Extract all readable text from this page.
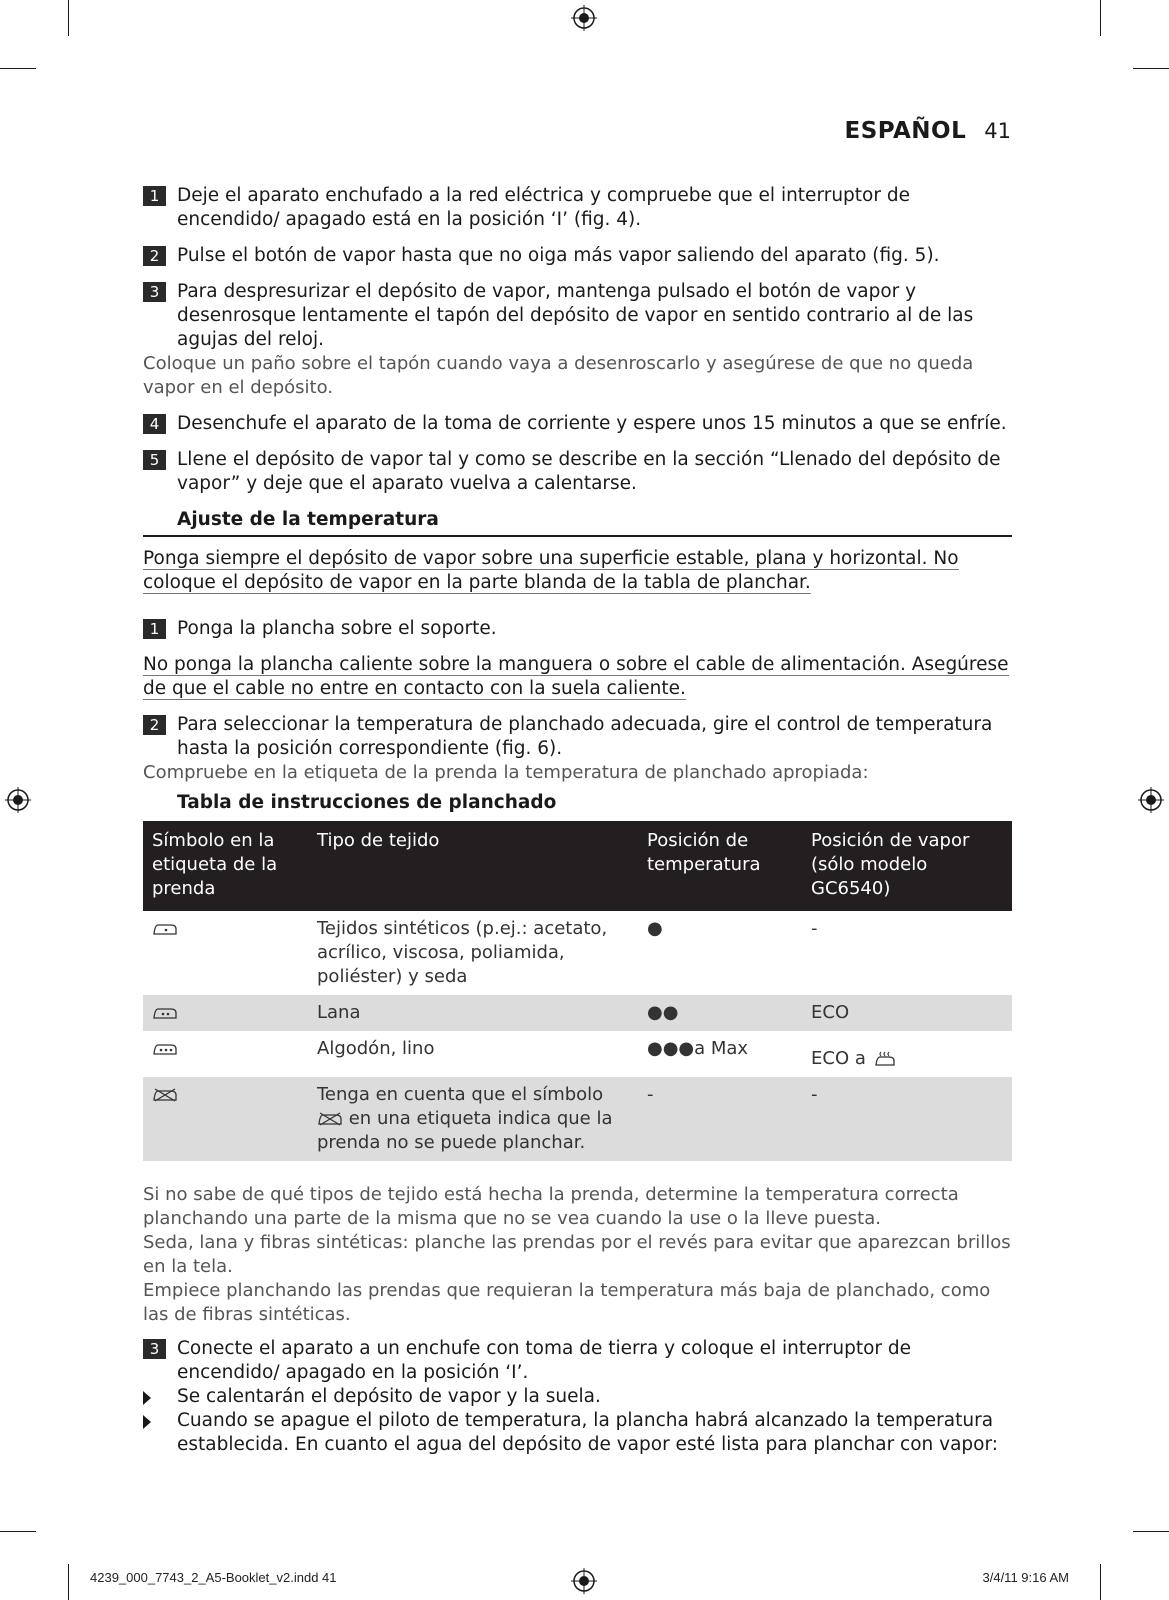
ESPAÑOL 41
1 Deje el aparato enchufado a la red eléctrica y compruebe que el interruptor de encendido/ apagado está en la posición ‘I’ (fig. 4).
2 Pulse el botón de vapor hasta que no oiga más vapor saliendo del aparato (fig. 5).
3 Para despresurizar el depósito de vapor, mantenga pulsado el botón de vapor y desenrosque lentamente el tapón del depósito de vapor en sentido contrario al de las agujas del reloj.
Coloque un paño sobre el tapón cuando vaya a desenroscarlo y asegúrese de que no queda vapor en el depósito.
4 Desenchufe el aparato de la toma de corriente y espere unos 15 minutos a que se enfríe.
5 Llene el depósito de vapor tal y como se describe en la sección “Llenado del depósito de vapor” y deje que el aparato vuelva a calentarse.
Ajuste de la temperatura
Ponga siempre el depósito de vapor sobre una superficie estable, plana y horizontal. No coloque el depósito de vapor en la parte blanda de la tabla de planchar.
1 Ponga la plancha sobre el soporte.
No ponga la plancha caliente sobre la manguera o sobre el cable de alimentación. Asegúrese de que el cable no entre en contacto con la suela caliente.
2 Para seleccionar la temperatura de planchado adecuada, gire el control de temperatura hasta la posición correspondiente (fig. 6).
Compruebe en la etiqueta de la prenda la temperatura de planchado apropiada:
Tabla de instrucciones de planchado
Símbolo en la etiqueta de la prenda	Tipo de tejido	Posición de temperatura	Posición de vapor (sólo modelo GC6540)
	Tejidos sintéticos (p.ej.: acetato, acrílico, viscosa, poliamida, poliéster) y seda	●	-
	Lana	●●	ECO
	Algodón, lino	●●●a Max	ECO a
	Tenga en cuenta que el símbolo  en una etiqueta indica que la prenda no se puede planchar.	-	-
Si no sabe de qué tipos de tejido está hecha la prenda, determine la temperatura correcta planchando una parte de la misma que no se vea cuando la use o la lleve puesta.
Seda, lana y fibras sintéticas: planche las prendas por el revés para evitar que aparezcan brillos en la tela.
Empiece planchando las prendas que requieran la temperatura más baja de planchado, como las de fibras sintéticas.
3 Conecte el aparato a un enchufe con toma de tierra y coloque el interruptor de encendido/ apagado en la posición ‘I’.
Se calentarán el depósito de vapor y la suela.
Cuando se apague el piloto de temperatura, la plancha habrá alcanzado la temperatura establecida. En cuanto el agua del depósito de vapor esté lista para planchar con vapor:
4239_000_7743_2_A5-Booklet_v2.indd 41	3/4/11 9:16 AM
